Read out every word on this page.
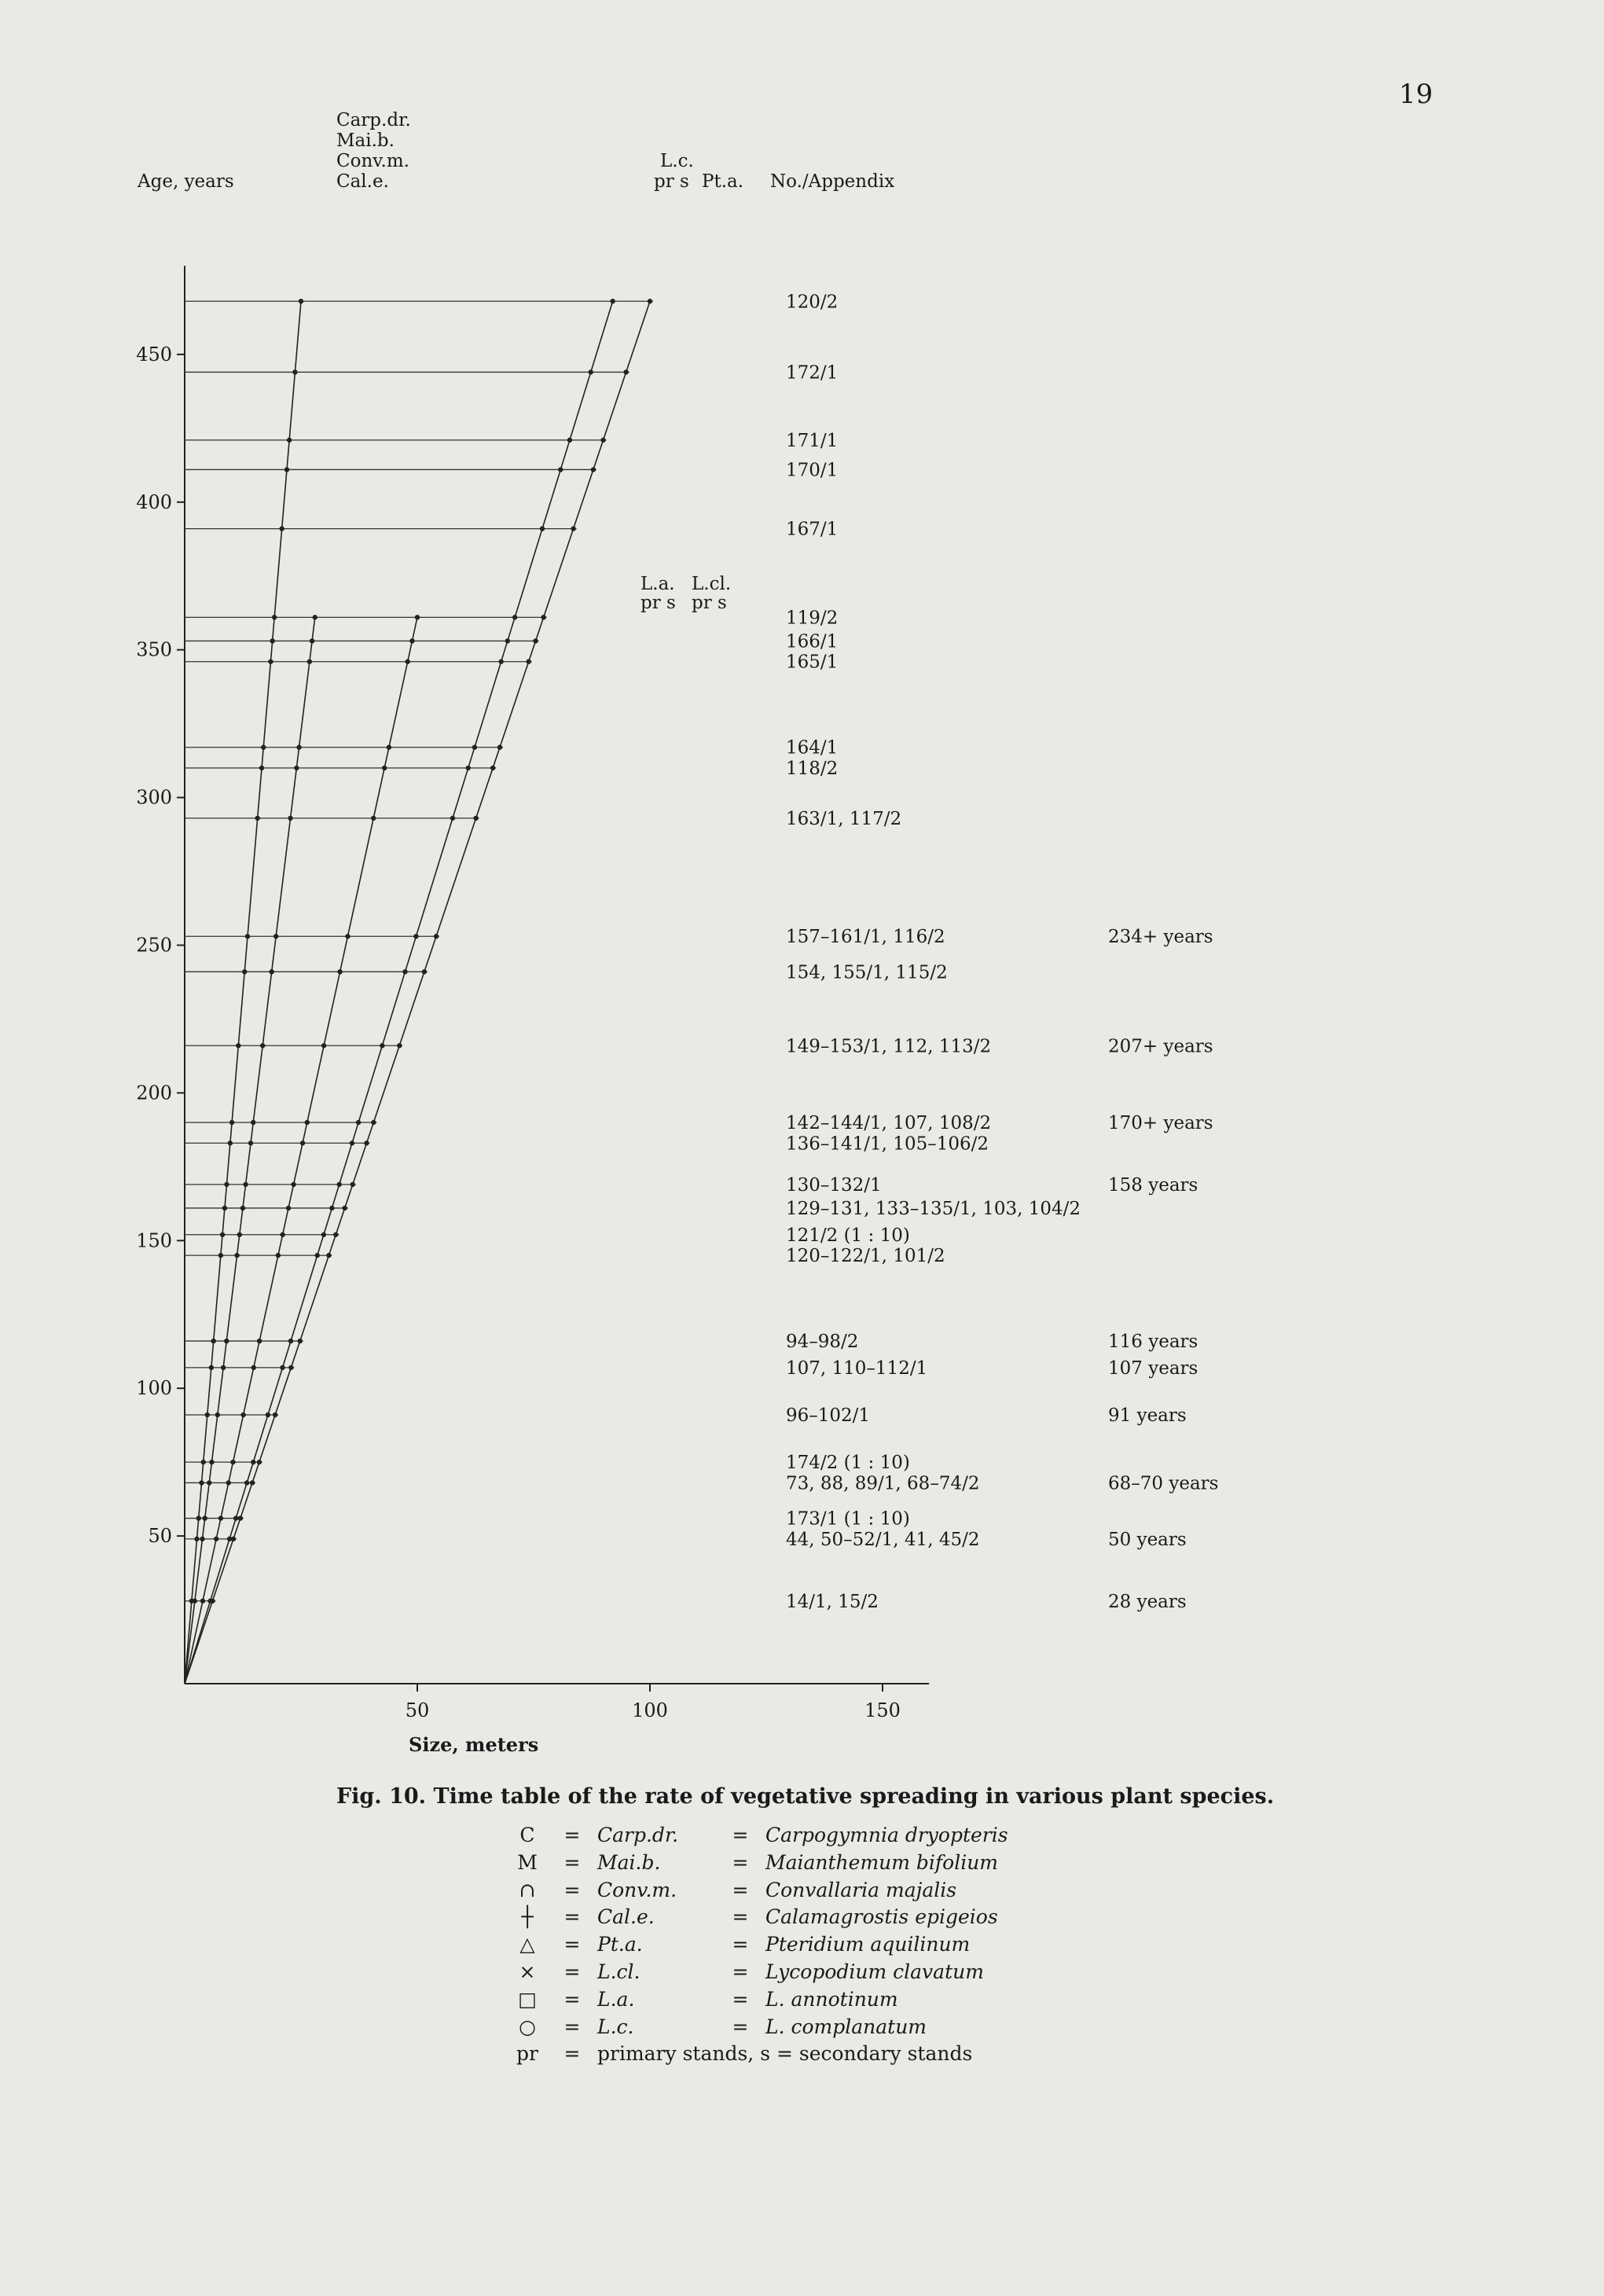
19
Carp.dr.
Mai.b.
Conv.m.
Cal.e.
Age, years
L.c.
pr s Pt.a. No./Appendix
L.a.
pr s
L.cl.
pr s
450
400
350
300
250
200
150
100
50
50	100	150
120/2
172/1
171/1
170/1
167/1
119/2
166/1
165/1
164/1
118/2
163/1, 117/2
157–161/1, 116/2	234+ years
154, 155/1, 115/2
149–153/1, 112, 113/2	207+ years
142–144/1, 107, 108/2	170+ years
136–141/1, 105–106/2
130–132/1	158 years
129–131, 133–135/1, 103, 104/2
121/2 (1 : 10)
120–122/1, 101/2
94–98/2	116 years
107, 110–112/1	107 years
96–102/1	91 years
174/2 (1 : 10)
73, 88, 89/1, 68–74/2	68–70 years
173/1 (1 : 10)
44, 50–52/1, 41, 45/2	50 years
14/1, 15/2	28 years
Size, meters
Fig. 10. Time table of the rate of vegetative spreading in various plant species.
C	=	Carp.dr.	=	Carpogymnia dryopteris
M	=	Mai.b.	=	Maianthemum bifolium
∩	=	Conv.m.	=	Convallaria majalis
┼	=	Cal.e.	=	Calamagrostis epigeios
△	=	Pt.a.	=	Pteridium aquilinum
×	=	L.cl.	=	Lycopodium clavatum
□	=	L.a.	=	L. annotinum
○	=	L.c.	=	L. complanatum
pr	=	primary stands, s = secondary stands		
